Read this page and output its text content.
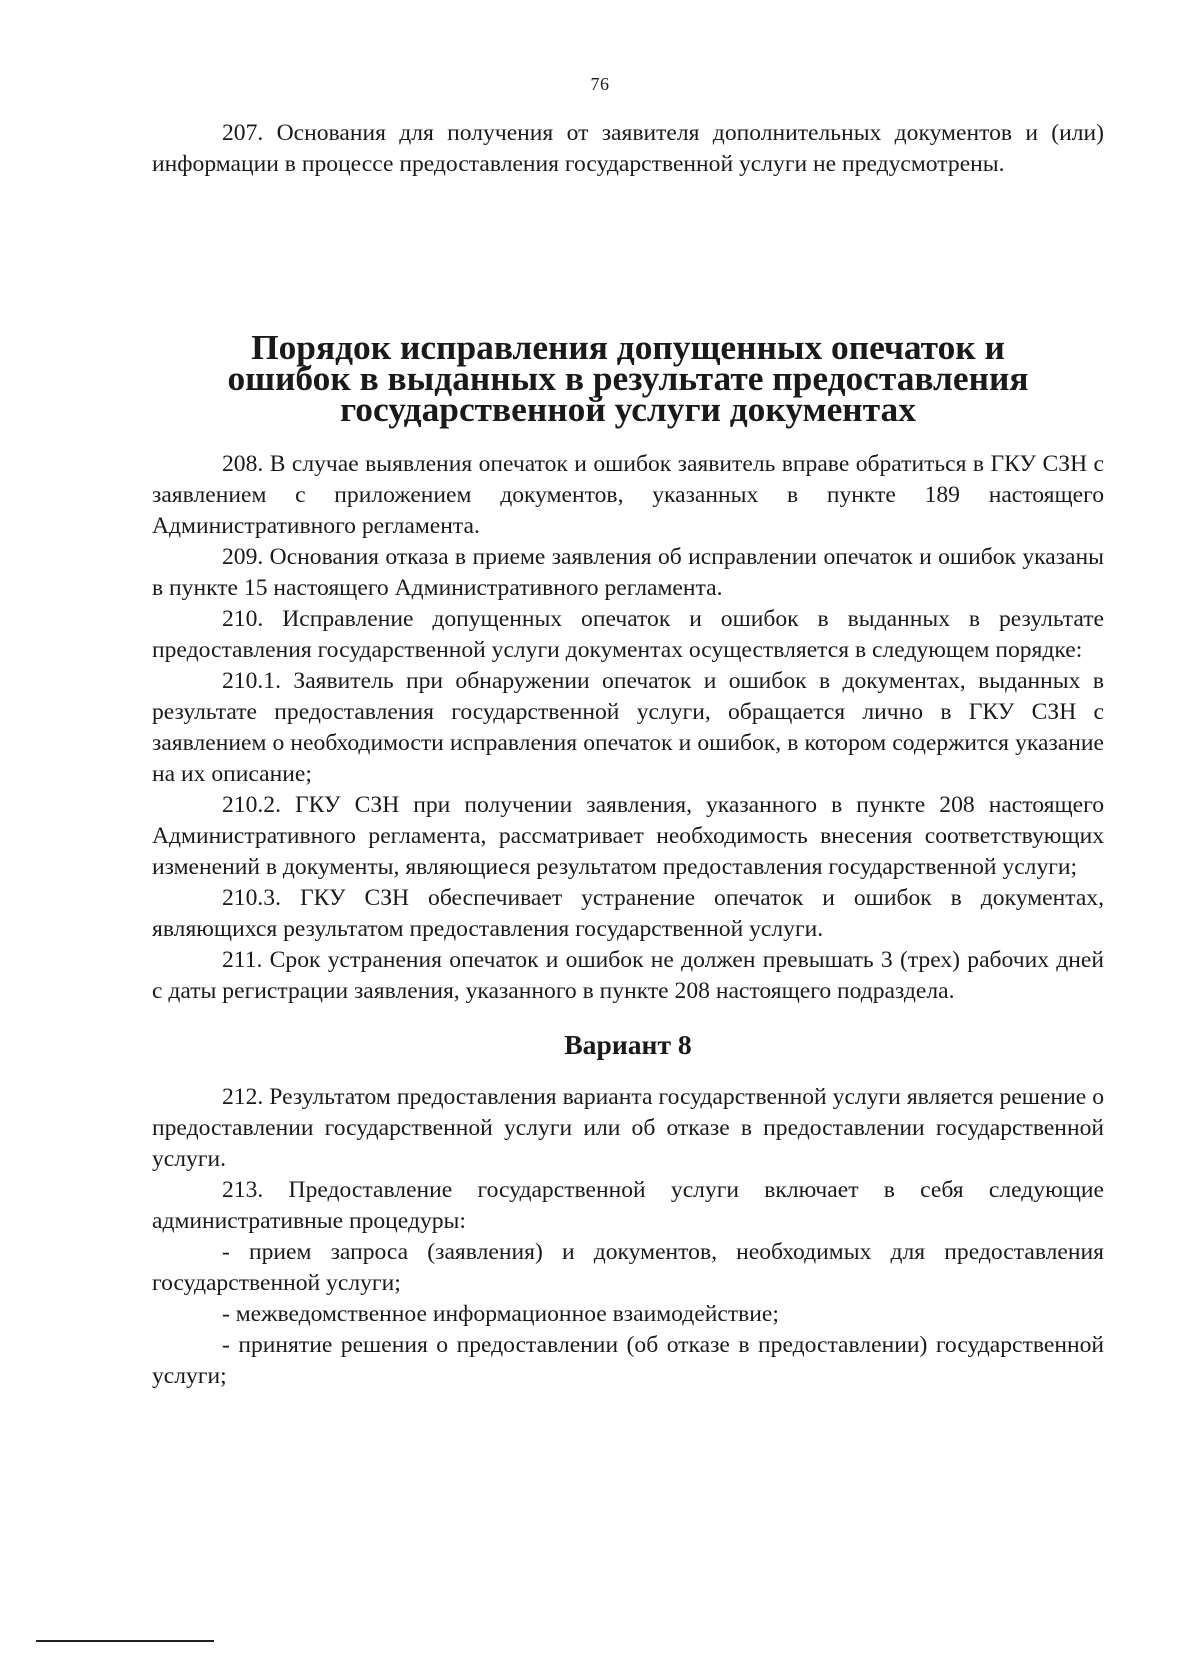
76

207. Основания для получения от заявителя дополнительных документов и (или) информации в процессе предоставления государственной услуги не предусмотрены.

Порядок исправления допущенных опечаток и ошибок в выданных в результате предоставления государственной услуги документах

208. В случае выявления опечаток и ошибок заявитель вправе обратиться в ГКУ СЗН с заявлением с приложением документов, указанных в пункте 189 настоящего Административного регламента.

209. Основания отказа в приеме заявления об исправлении опечаток и ошибок указаны в пункте 15 настоящего Административного регламента.

210. Исправление допущенных опечаток и ошибок в выданных в результате предоставления государственной услуги документах осуществляется в следующем порядке:

210.1. Заявитель при обнаружении опечаток и ошибок в документах, выданных в результате предоставления государственной услуги, обращается лично в ГКУ СЗН с заявлением о необходимости исправления опечаток и ошибок, в котором содержится указание на их описание;

210.2. ГКУ СЗН при получении заявления, указанного в пункте 208 настоящего Административного регламента, рассматривает необходимость внесения соответствующих изменений в документы, являющиеся результатом предоставления государственной услуги;

210.3. ГКУ СЗН обеспечивает устранение опечаток и ошибок в документах, являющихся результатом предоставления государственной услуги.

211. Срок устранения опечаток и ошибок не должен превышать 3 (трех) рабочих дней с даты регистрации заявления, указанного в пункте 208 настоящего подраздела.

Вариант 8

212. Результатом предоставления варианта государственной услуги является решение о предоставлении государственной услуги или об отказе в предоставлении государственной услуги.

213. Предоставление государственной услуги включает в себя следующие административные процедуры:

- прием запроса (заявления) и документов, необходимых для предоставления государственной услуги;

- межведомственное информационное взаимодействие;

- принятие решения о предоставлении (об отказе в предоставлении) государственной услуги;
